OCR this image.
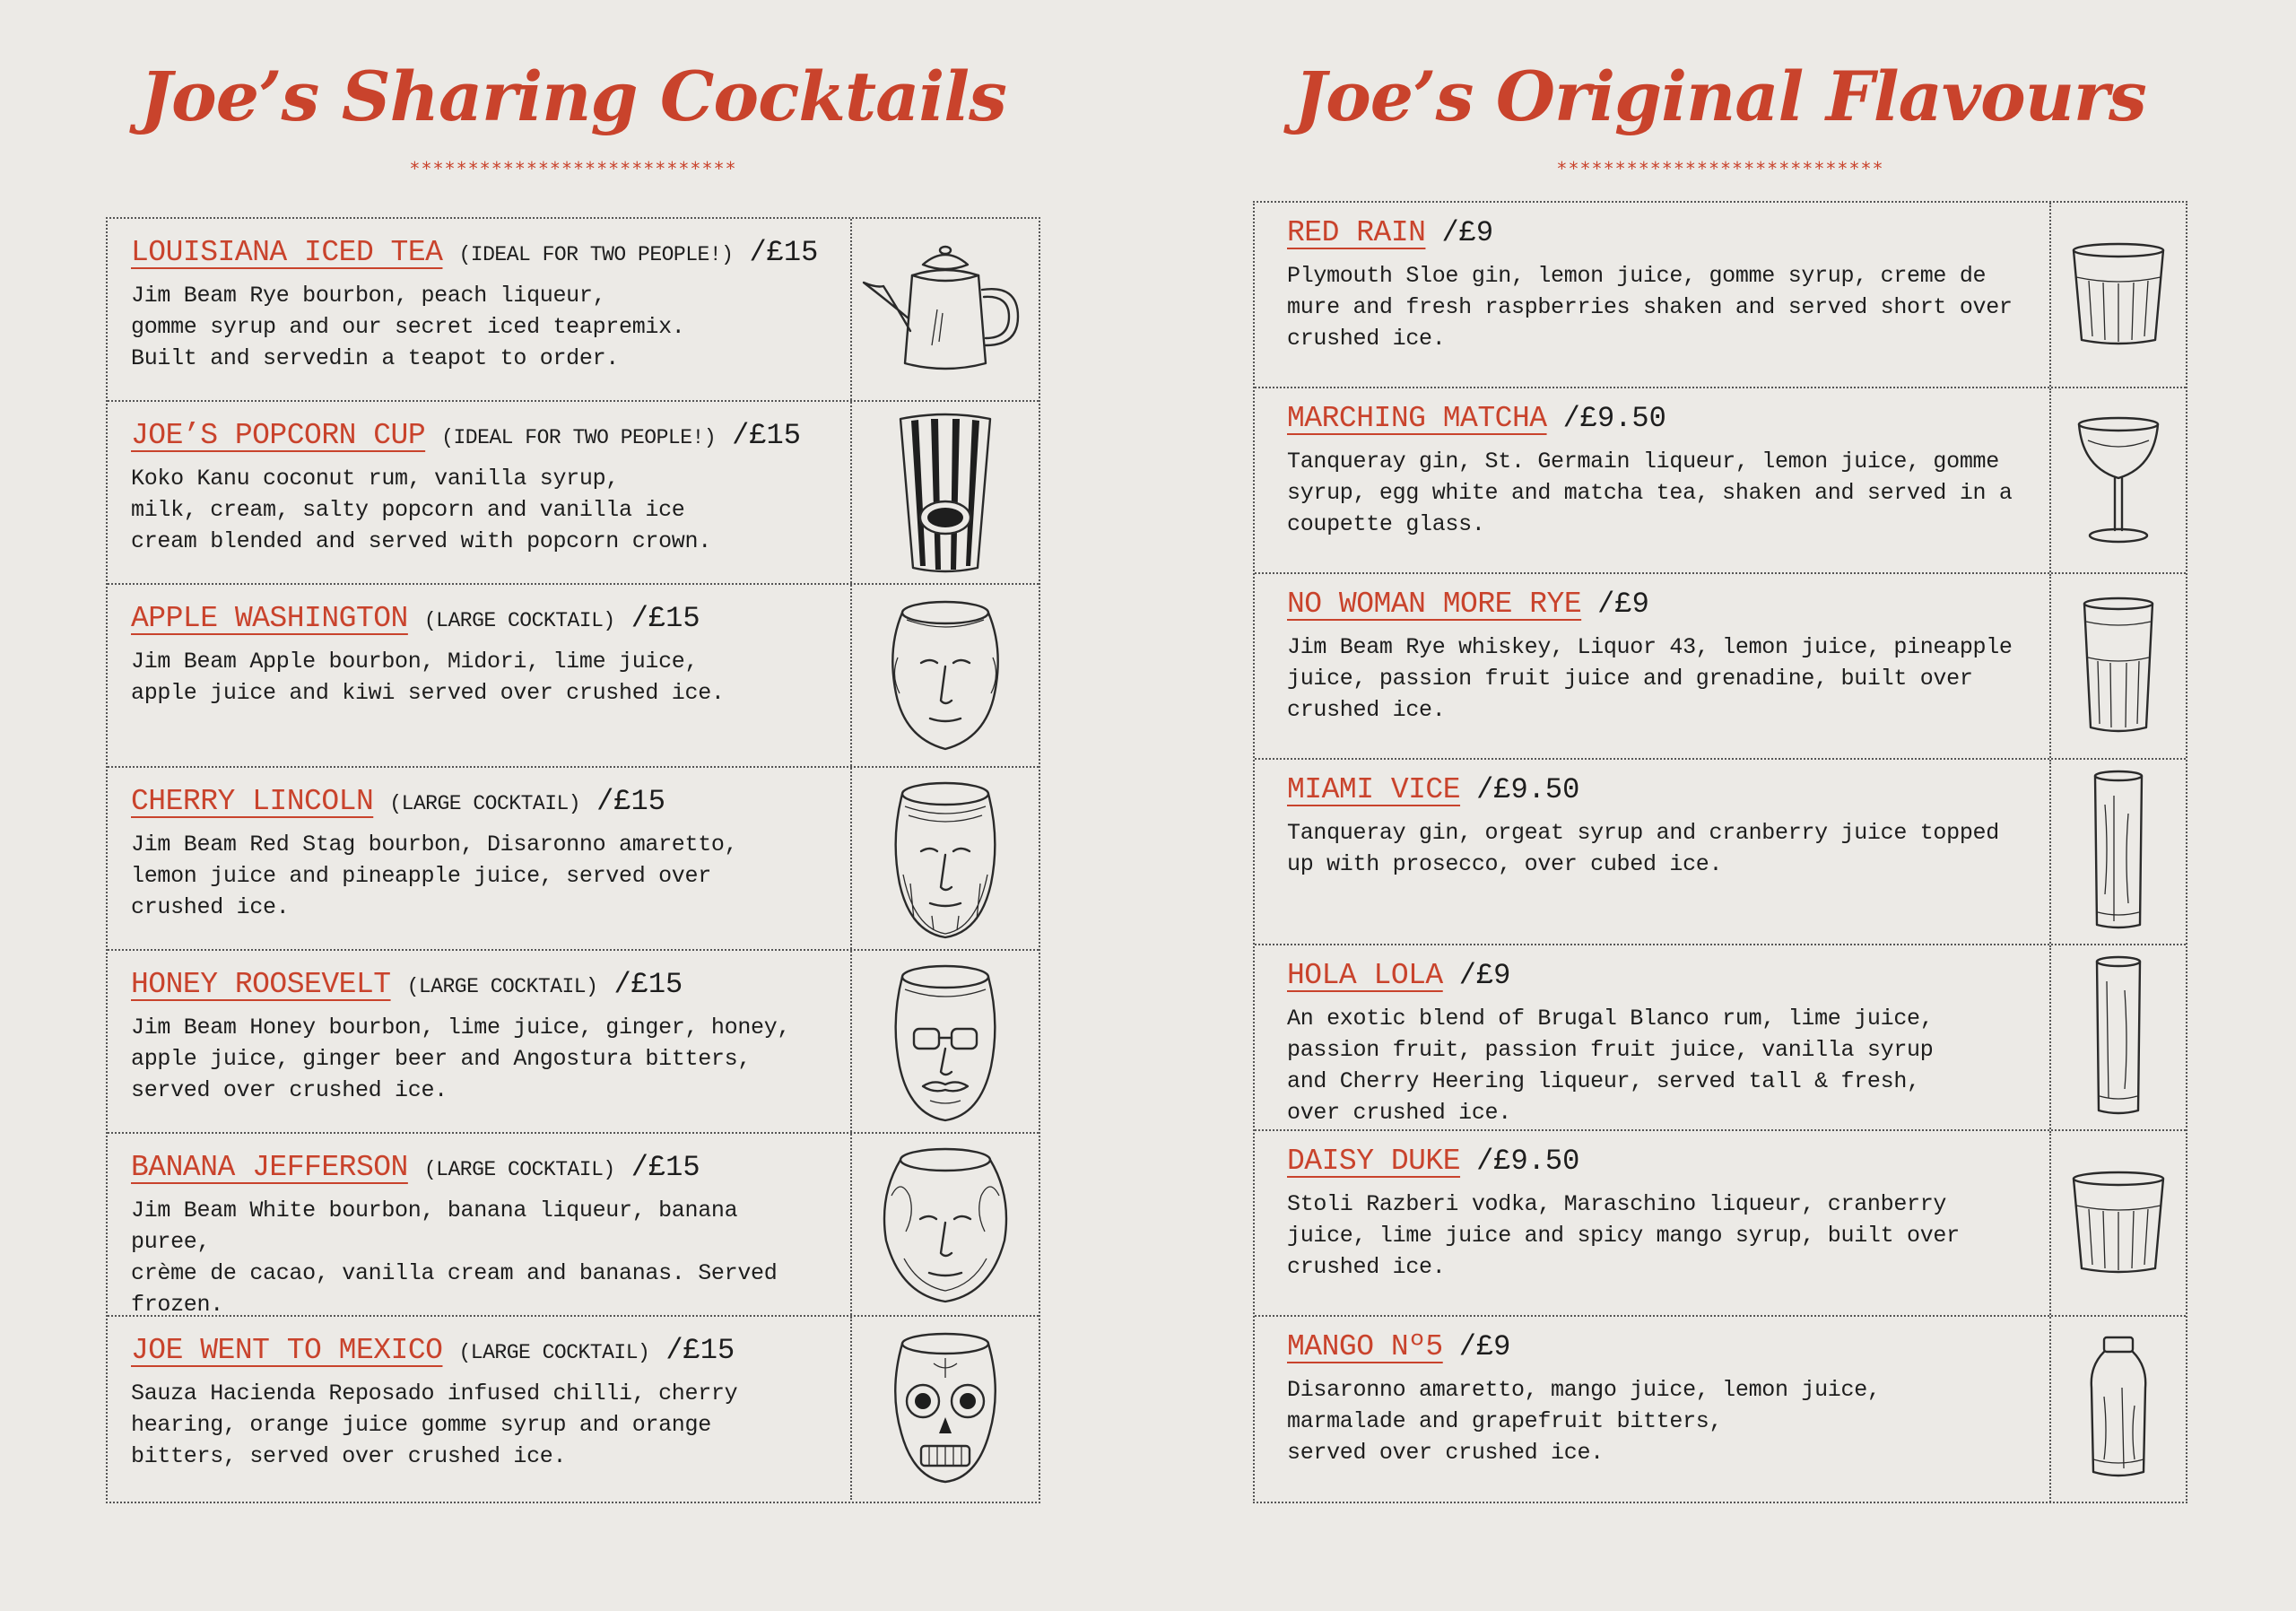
Joe’s Sharing Cocktails
****************************
LOUISIANA ICED TEA (IDEAL FOR TWO PEOPLE!) /£15
Jim Beam Rye bourbon, peach liqueur,
gomme syrup and our secret iced teapremix.
Built and servedin a teapot to order.
JOE’S POPCORN CUP (IDEAL FOR TWO PEOPLE!) /£15
Koko Kanu coconut rum, vanilla syrup,
milk, cream, salty popcorn and vanilla ice
cream blended and served with popcorn crown.
APPLE WASHINGTON (LARGE COCKTAIL) /£15
Jim Beam Apple bourbon, Midori, lime juice,
apple juice and kiwi served over crushed ice.
CHERRY LINCOLN (LARGE COCKTAIL) /£15
Jim Beam Red Stag bourbon, Disaronno amaretto,
lemon juice and pineapple juice, served over
crushed ice.
HONEY ROOSEVELT (LARGE COCKTAIL) /£15
Jim Beam Honey bourbon, lime juice, ginger, honey,
apple juice, ginger beer and Angostura bitters,
served over crushed ice.
BANANA JEFFERSON (LARGE COCKTAIL) /£15
Jim Beam White bourbon, banana liqueur, banana puree,
crème de cacao, vanilla cream and bananas. Served
frozen.
JOE WENT TO MEXICO (LARGE COCKTAIL) /£15
Sauza Hacienda Reposado infused chilli, cherry
hearing, orange juice gomme syrup and orange
bitters, served over crushed ice.
Joe’s Original Flavours
****************************
RED RAIN /£9
Plymouth Sloe gin, lemon juice, gomme syrup, creme de
mure and fresh raspberries shaken and served short over
crushed ice.
MARCHING MATCHA /£9.50
Tanqueray gin, St. Germain liqueur, lemon juice, gomme
syrup, egg white and matcha tea, shaken and served in a
coupette glass.
NO WOMAN MORE RYE /£9
Jim Beam Rye whiskey, Liquor 43, lemon juice, pineapple
juice, passion fruit juice and grenadine, built over
crushed ice.
MIAMI VICE /£9.50
Tanqueray gin, orgeat syrup and cranberry juice topped
up with prosecco, over cubed ice.
HOLA LOLA /£9
An exotic blend of Brugal Blanco rum, lime juice,
passion fruit, passion fruit juice, vanilla syrup
and Cherry Heering liqueur, served tall & fresh,
over crushed ice.
DAISY DUKE /£9.50
Stoli Razberi vodka, Maraschino liqueur, cranberry
juice, lime juice and spicy mango syrup, built over
crushed ice.
MANGO Nº5 /£9
Disaronno amaretto, mango juice, lemon juice,
marmalade and grapefruit bitters,
served over crushed ice.
